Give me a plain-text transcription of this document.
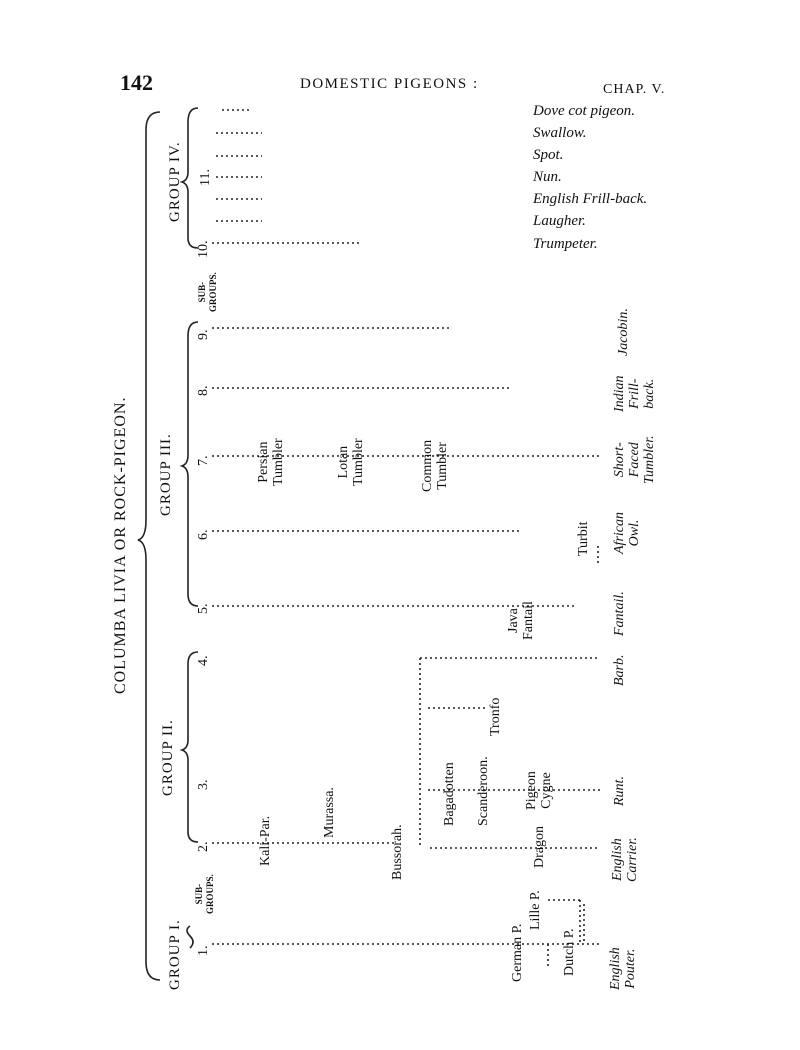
142	DOMESTIC PIGEONS :	CHAP. V.
COLUMBA LIVIA OR ROCK-PIGEON.
GROUP I.
GROUP II.
GROUP III.
GROUP IV.
SUB- GROUPS.
SUB- GROUPS.
1.
2.
3.
4.
5.
6.
7.
8.
9.
10.
11.
Dove cot pigeon.
Swallow.
Spot.
Nun.
English Frill-back.
Laugher.
Trumpeter.
Kali-Par.
Murassa.
Bussorah.
Bagadotten Scanderoon.
Tronfo
Pigeon Cygne
Dragon
German P.
Lille P.
Dutch P.
Java Fantail
Turbit
Persian Tumbler	Lotan Tumbler	Common Tumbler
English Pouter.
English Carrier.
Runt.
Barb.
Fantail.
African Owl.
Short- Faced Tumbler.
Indian Frill- back.
Jacobin.
